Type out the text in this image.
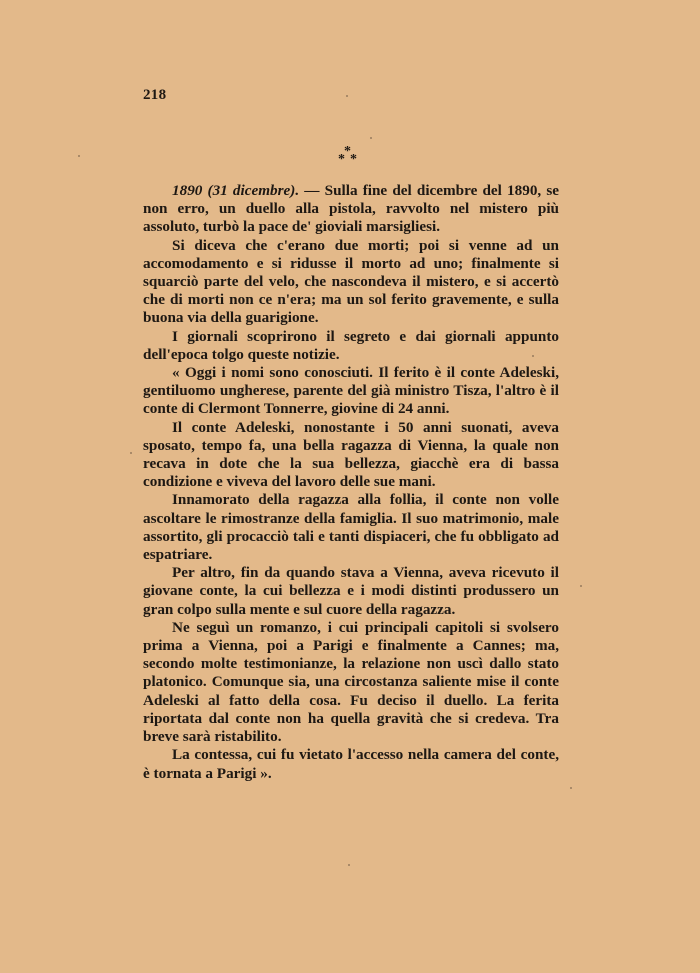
218
*
* *

1890 (31 dicembre). — Sulla fine del dicembre del 1890, se non erro, un duello alla pistola, ravvolto nel mistero più assoluto, turbò la pace de' gioviali marsigliesi.

Si diceva che c'erano due morti; poi si venne ad un accomodamento e si ridusse il morto ad uno; finalmente si squarciò parte del velo, che nascondeva il mistero, e si accertò che di morti non ce n'era; ma un sol ferito gravemente, e sulla buona via della guarigione.

I giornali scoprirono il segreto e dai giornali appunto dell'epoca tolgo queste notizie.

« Oggi i nomi sono conosciuti. Il ferito è il conte Adeleski, gentiluomo ungherese, parente del già ministro Tisza, l'altro è il conte di Clermont Tonnerre, giovine di 24 anni.

Il conte Adeleski, nonostante i 50 anni suonati, aveva sposato, tempo fa, una bella ragazza di Vienna, la quale non recava in dote che la sua bellezza, giacchè era di bassa condizione e viveva del lavoro delle sue mani.

Innamorato della ragazza alla follia, il conte non volle ascoltare le rimostranze della famiglia. Il suo matrimonio, male assortito, gli procacciò tali e tanti dispiaceri, che fu obbligato ad espatriare.

Per altro, fin da quando stava a Vienna, aveva ricevuto il giovane conte, la cui bellezza e i modi distinti produssero un gran colpo sulla mente e sul cuore della ragazza.

Ne seguì un romanzo, i cui principali capitoli si svolsero prima a Vienna, poi a Parigi e finalmente a Cannes; ma, secondo molte testimonianze, la relazione non uscì dallo stato platonico. Comunque sia, una circostanza saliente mise il conte Adeleski al fatto della cosa. Fu deciso il duello. La ferita riportata dal conte non ha quella gravità che si credeva. Tra breve sarà ristabilito.

La contessa, cui fu vietato l'accesso nella camera del conte, è tornata a Parigi ».
